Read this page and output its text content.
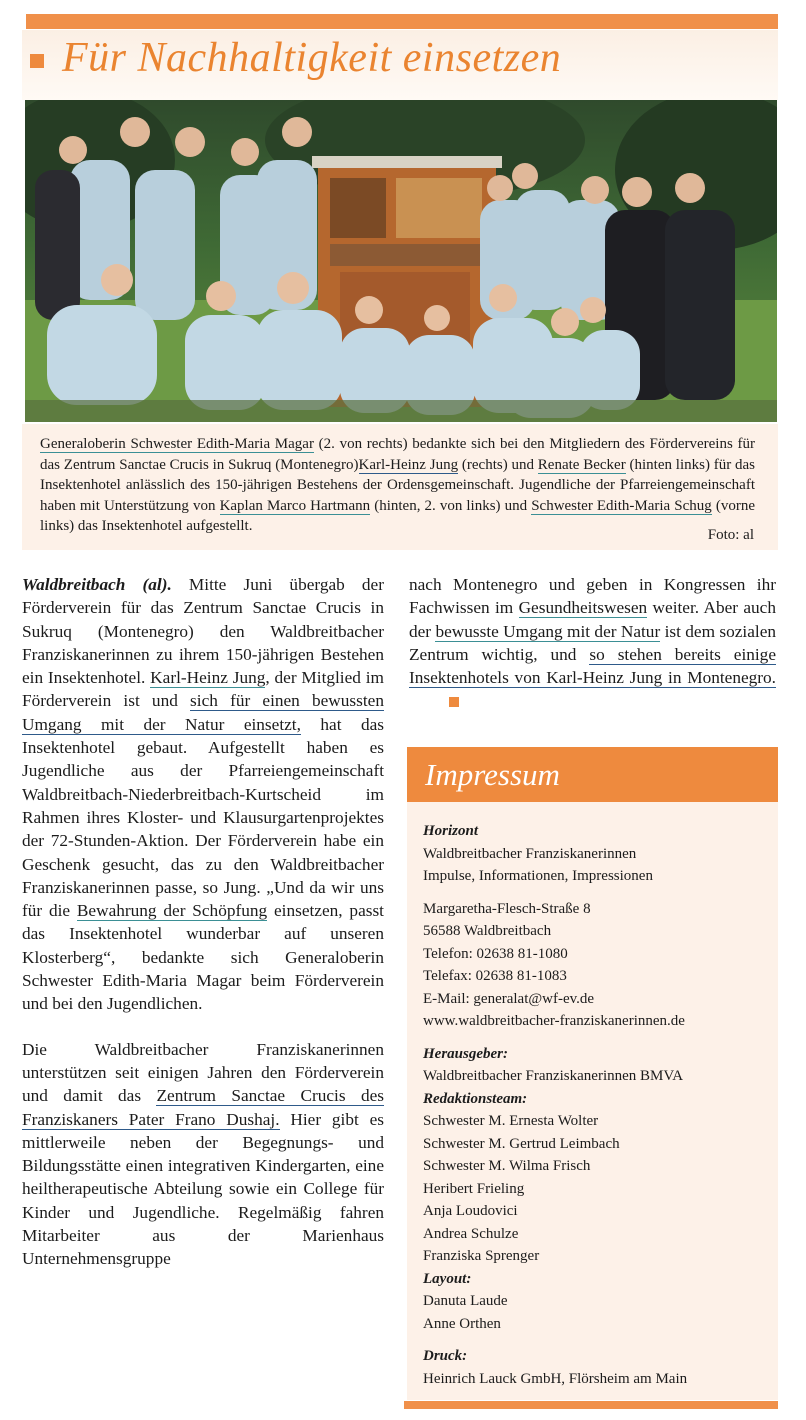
Für Nachhaltigkeit einsetzen

Generaloberin Schwester Edith-Maria Magar (2. von rechts) bedankte sich bei den Mitgliedern des Fördervereins für das Zentrum Sanctae Crucis in Sukruq (Montenegro)Karl-Heinz Jung (rechts) und Renate Becker (hinten links) für das Insektenhotel anlässlich des 150-jährigen Bestehens der Ordensgemeinschaft. Jugendliche der Pfarreiengemeinschaft haben mit Unterstützung von Kaplan Marco Hartmann (hinten, 2. von links) und Schwester Edith-Maria Schug (vorne links) das Insektenhotel aufgestellt.

Foto: al

Waldbreitbach (al). Mitte Juni übergab der Förderverein für das Zentrum Sanctae Crucis in Sukruq (Montenegro) den Waldbreitbacher Franziskanerinnen zu ihrem 150-jährigen Bestehen ein Insektenhotel. Karl-Heinz Jung, der Mitglied im Förderverein ist und sich für einen bewussten Umgang mit der Natur einsetzt, hat das Insektenhotel gebaut. Aufgestellt haben es Jugendliche aus der Pfarreiengemeinschaft Waldbreitbach-Niederbreitbach-Kurtscheid im Rahmen ihres Kloster- und Klausurgartenprojektes der 72-Stunden-Aktion. Der Förderverein habe ein Geschenk gesucht, das zu den Waldbreitbacher Franziskanerinnen passe, so Jung. „Und da wir uns für die Bewahrung der Schöpfung einsetzen, passt das Insektenhotel wunderbar auf unseren Klosterberg“, bedankte sich Generaloberin Schwester Edith-Maria Magar beim Förderverein und bei den Jugendlichen.

Die Waldbreitbacher Franziskanerinnen unterstützen seit einigen Jahren den Förderverein und damit das Zentrum Sanctae Crucis des Franziskaners Pater Frano Dushaj. Hier gibt es mittlerweile neben der Begegnungs- und Bildungsstätte einen integrativen Kindergarten, eine heiltherapeutische Abteilung sowie ein College für Kinder und Jugendliche. Regelmäßig fahren Mitarbeiter aus der Marienhaus Unternehmensgruppe

nach Montenegro und geben in Kongressen ihr Fachwissen im Gesundheitswesen weiter. Aber auch der bewusste Umgang mit der Natur ist dem sozialen Zentrum wichtig, und so stehen bereits einige Insektenhotels von Karl-Heinz Jung in Montenegro.

Impressum
Horizont
Waldbreitbacher Franziskanerinnen
Impulse, Informationen, Impressionen
Margaretha-Flesch-Straße 8
56588 Waldbreitbach
Telefon: 02638 81-1080
Telefax: 02638 81-1083
E-Mail: generalat@wf-ev.de
www.waldbreitbacher-franziskanerinnen.de
Herausgeber:
Waldbreitbacher Franziskanerinnen BMVA
Redaktionsteam:
Schwester M. Ernesta Wolter
Schwester M. Gertrud Leimbach
Schwester M. Wilma Frisch
Heribert Frieling
Anja Loudovici
Andrea Schulze
Franziska Sprenger
Layout:
Danuta Laude
Anne Orthen
Druck:
Heinrich Lauck GmbH, Flörsheim am Main
